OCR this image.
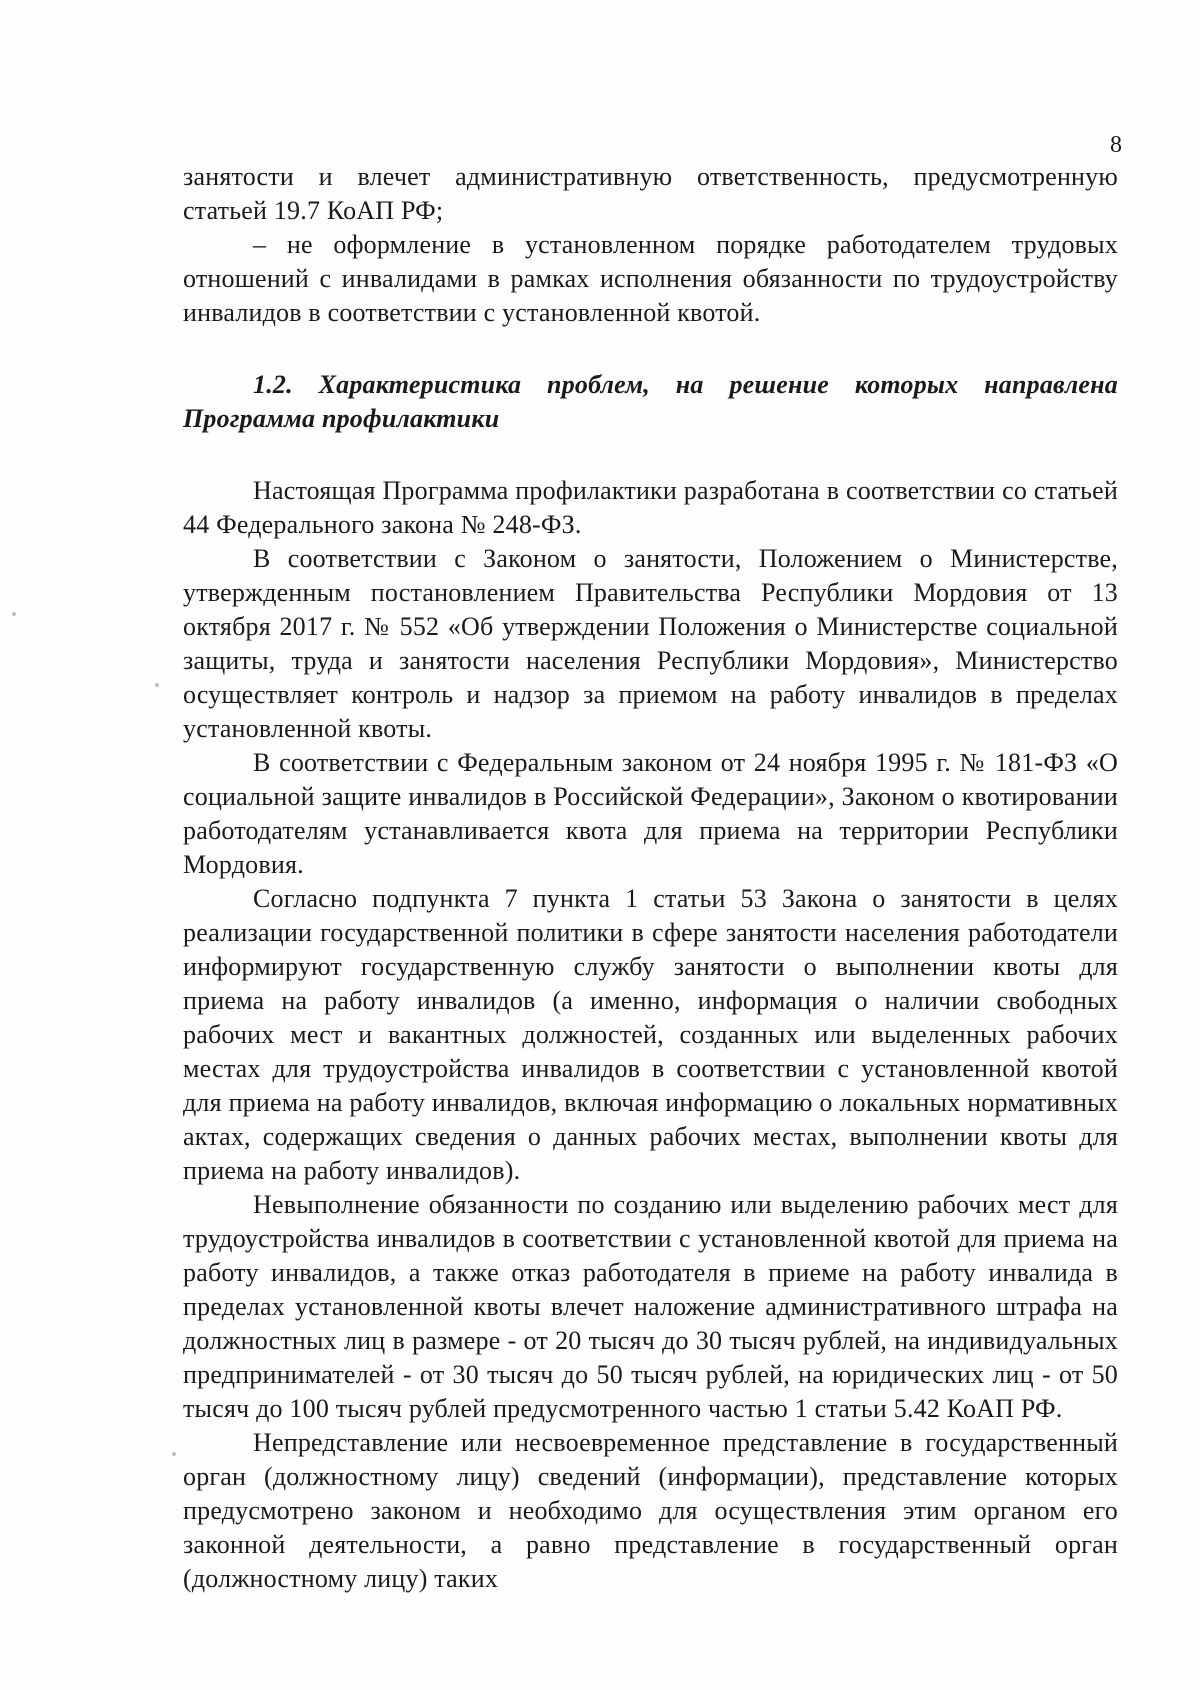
8

занятости и влечет административную ответственность, предусмотренную статьей 19.7 КоАП РФ;

– не оформление в установленном порядке работодателем трудовых отношений с инвалидами в рамках исполнения обязанности по трудоустройству инвалидов в соответствии с установленной квотой.

1.2. Характеристика проблем, на решение которых направлена Программа профилактики

Настоящая Программа профилактики разработана в соответствии со статьей 44 Федерального закона № 248-ФЗ.

В соответствии с Законом о занятости, Положением о Министерстве, утвержденным постановлением Правительства Республики Мордовия от 13 октября 2017 г. № 552 «Об утверждении Положения о Министерстве социальной защиты, труда и занятости населения Республики Мордовия», Министерство осуществляет контроль и надзор за приемом на работу инвалидов в пределах установленной квоты.

В соответствии с Федеральным законом от 24 ноября 1995 г. № 181-ФЗ «О социальной защите инвалидов в Российской Федерации», Законом о квотировании работодателям устанавливается квота для приема на территории Республики Мордовия.

Согласно подпункта 7 пункта 1 статьи 53 Закона о занятости в целях реализации государственной политики в сфере занятости населения работодатели информируют государственную службу занятости о выполнении квоты для приема на работу инвалидов (а именно, информация о наличии свободных рабочих мест и вакантных должностей, созданных или выделенных рабочих местах для трудоустройства инвалидов в соответствии с установленной квотой для приема на работу инвалидов, включая информацию о локальных нормативных актах, содержащих сведения о данных рабочих местах, выполнении квоты для приема на работу инвалидов).

Невыполнение обязанности по созданию или выделению рабочих мест для трудоустройства инвалидов в соответствии с установленной квотой для приема на работу инвалидов, а также отказ работодателя в приеме на работу инвалида в пределах установленной квоты влечет наложение административного штрафа на должностных лиц в размере - от 20 тысяч до 30 тысяч рублей, на индивидуальных предпринимателей - от 30 тысяч до 50 тысяч рублей, на юридических лиц - от 50 тысяч до 100 тысяч рублей предусмотренного частью 1 статьи 5.42 КоАП РФ.

Непредставление или несвоевременное представление в государственный орган (должностному лицу) сведений (информации), представление которых предусмотрено законом и необходимо для осуществления этим органом его законной деятельности, а равно представление в государственный орган (должностному лицу) таких
